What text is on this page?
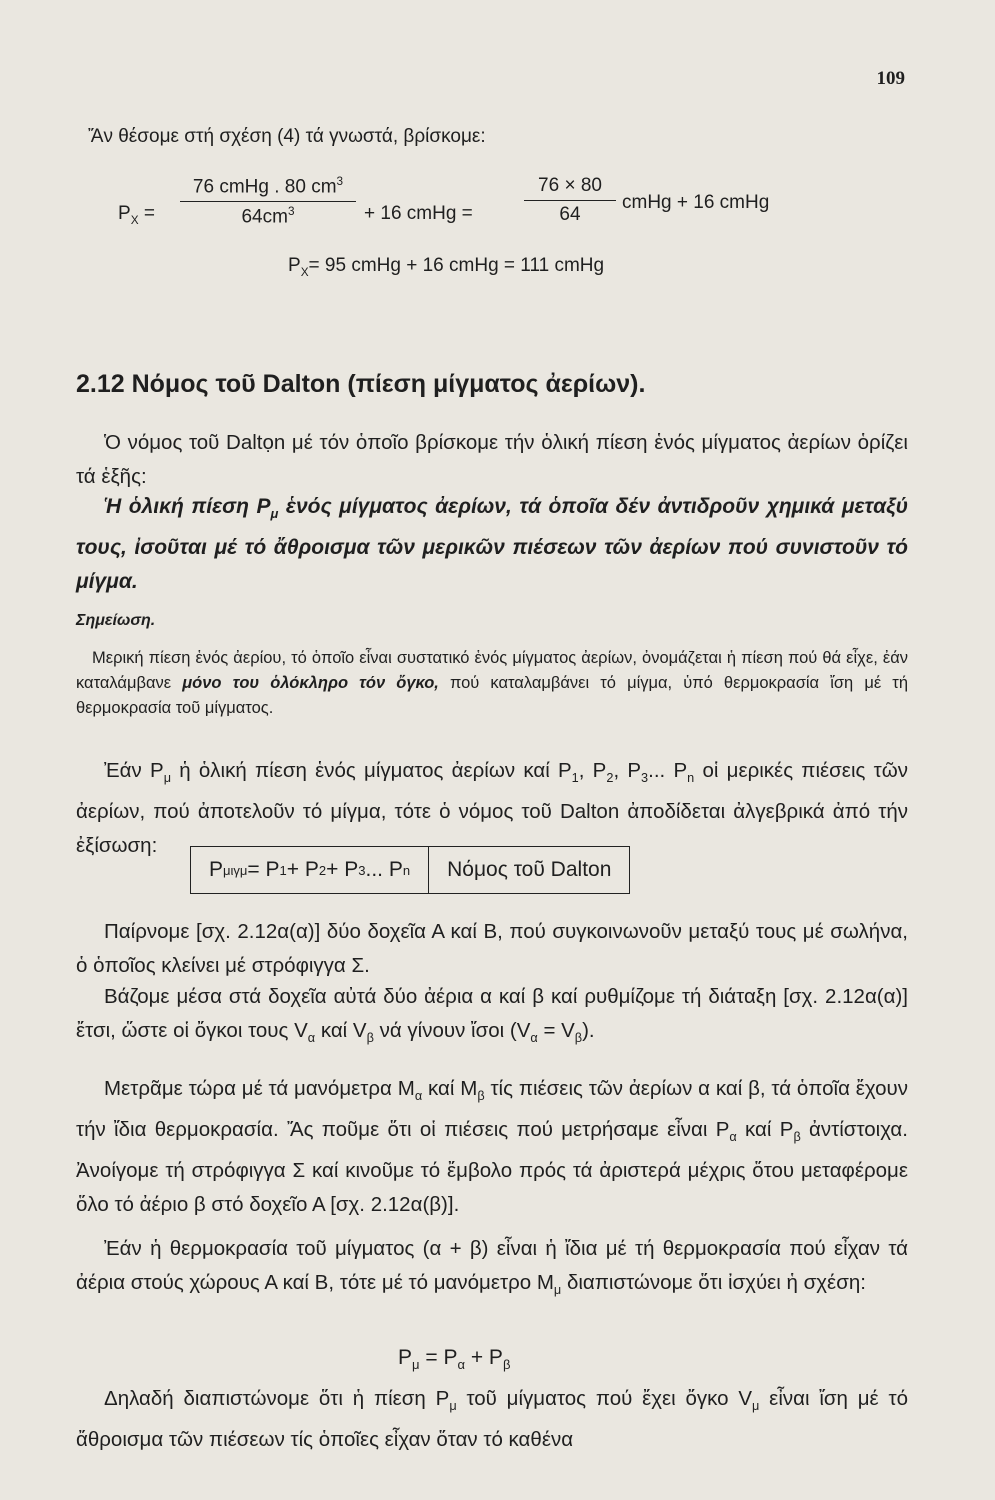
109
Ἄν θέσομε στή σχέση (4) τά γνωστά, βρίσκομε:
$P_X$ =
76 cmHg . 80 $cm^3$
$64cm^3$	+ 16 cmHg =	$\frac{76 \times 80}{64}$ cmHg + 16 cmHg
$P_X= 95$ cmHg + 16 cmHg = 111 cmHg
2.12 Νόμος τοῦ Dalton (πίεση μίγματος ἀερίων).
Ὁ νόμος τοῦ Daltọn μέ τόν ὁποῖο βρίσκομε τήν ὁλική πίεση ἑνός μίγματος ἀερίων ὁρίζει τά ἑξῆς:
Ἡ ὁλική πίεση $P_\mu$ ἑνός μίγματος ἀερίων, τά ὁποῖα δέν ἀντιδροῦν χημικά μεταξύ τους, ἰσοῦται μέ τό ἄθροισμα τῶν μερικῶν πιέσεων τῶν ἀερίων πού συνιστοῦν τό μίγμα.
Σημείωση.
Μερική πίεση ἑνός ἀερίου, τό ὁποῖο εἶναι συστατικό ἑνός μίγματος ἀερίων, ὀνομάζεται ἡ πίεση πού θά εἶχε, ἐάν καταλάμβανε μόνο του ὁλόκληρο τόν ὄγκο, πού καταλαμβάνει τό μίγμα, ὑπό θερμοκρασία ἴση μέ τή θερμοκρασία τοῦ μίγματος.
Ἐάν $P_\mu$ ἡ ὁλική πίεση ἑνός μίγματος ἀερίων καί $P_1$, $P_2$, $P_3$... $P_n$ οἱ μερικές πιέσεις τῶν ἀερίων, πού ἀποτελοῦν τό μίγμα, τότε ὁ νόμος τοῦ Dalton ἀποδίδεται ἀλγεβρικά ἀπό τήν ἐξίσωση:
P μιγμ = P 1 + P 2 + P 3 ... P n	Νόμος τοῦ Dalton
Παίρνομε [σχ. 2.12α(α)] δύο δοχεῖα Α καί Β, πού συγκοινωνοῦν μεταξύ τους μέ σωλήνα, ὁ ὁποῖος κλείνει μέ στρόφιγγα Σ.
Βάζομε μέσα στά δοχεῖα αὐτά δύο ἀέρια α καί β καί ρυθμίζομε τή διάταξη [σχ. 2.12α(α)] ἔτσι, ὥστε οἱ ὄγκοι τους $V_\alpha$ καί $V_\beta$ νά γίνουν ἴσοι $(V_\alpha = V_\beta)$.
Μετρᾶμε τώρα μέ τά μανόμετρα $M_\alpha$ καί $M_\beta$ τίς πιέσεις τῶν ἀερίων α καί β, τά ὁποῖα ἔχουν τήν ἴδια θερμοκρασία. Ἄς ποῦμε ὅτι οἱ πιέσεις πού μετρήσαμε εἶναι $P_\alpha$ καί $P_\beta$ ἀντίστοιχα. Ἀνοίγομε τή στρόφιγγα Σ καί κινοῦμε τό ἔμβολο πρός τά ἀριστερά μέχρις ὅτου μεταφέρομε ὅλο τό ἀέριο β στό δοχεῖο Α [σχ. 2.12α(β)].
Ἐάν ἡ θερμοκρασία τοῦ μίγματος (α + β) εἶναι ἡ ἴδια μέ τή θερμοκρασία πού εἶχαν τά ἀέρια στούς χώρους Α καί Β, τότε μέ τό μανόμετρο $M_\mu$ διαπιστώνομε ὅτι ἰσχύει ἡ σχέση:
$P_\mu = P_\alpha + P_\beta$
Δηλαδή διαπιστώνομε ὅτι ἡ πίεση $P_\mu$ τοῦ μίγματος πού ἔχει ὄγκο $V_\mu$ εἶναι ἴση μέ τό ἄθροισμα τῶν πιέσεων τίς ὁποῖες εἶχαν ὅταν τό καθένα
